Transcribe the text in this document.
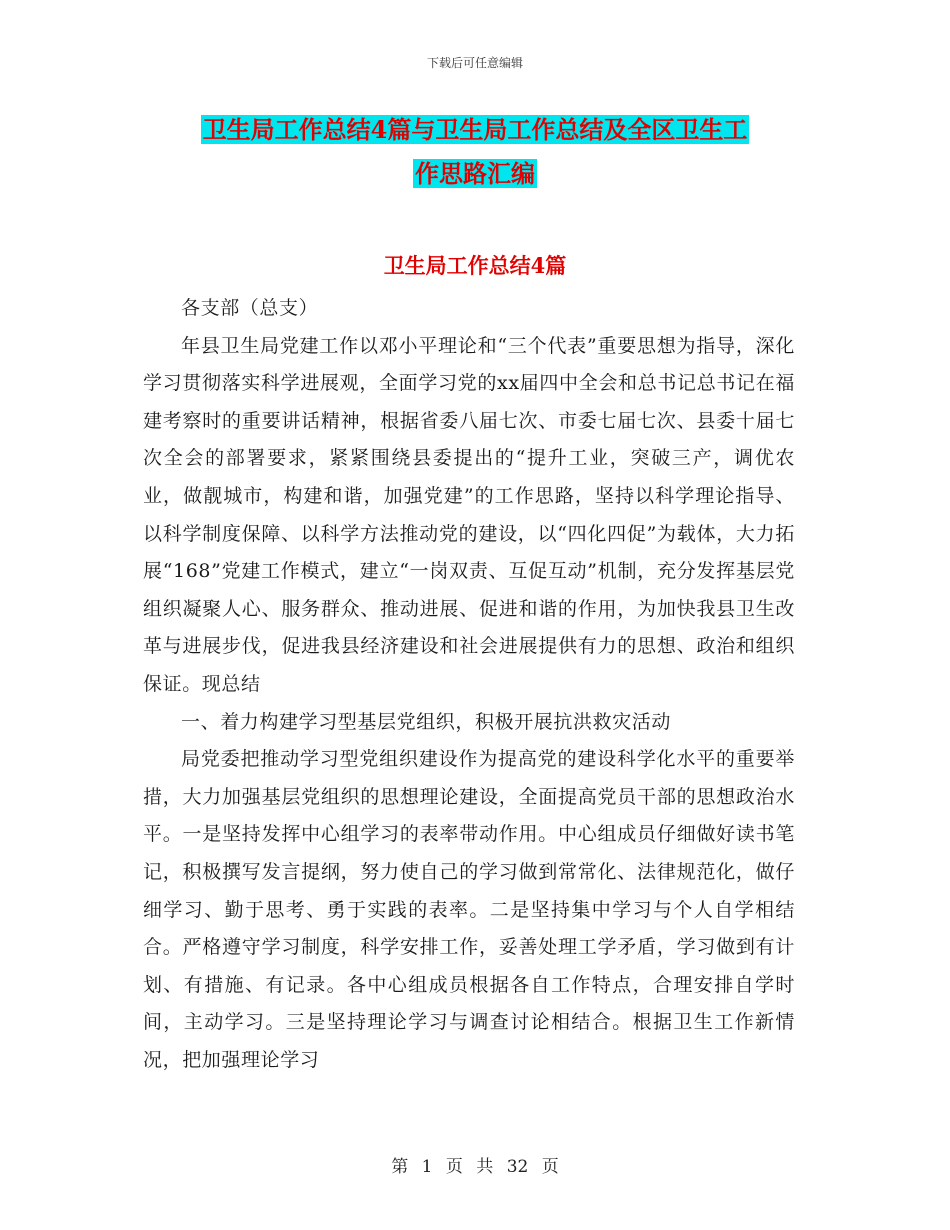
下载后可任意编辑
卫生局工作总结4篇与卫生局工作总结及全区卫生工
作思路汇编
卫生局工作总结4篇

各支部（总支）

年县卫生局党建工作以邓小平理论和“三个代表”重要思想为指导，深化学习贯彻落实科学进展观，全面学习党的xx届四中全会和总书记总书记在福建考察时的重要讲话精神，根据省委八届七次、市委七届七次、县委十届七次全会的部署要求，紧紧围绕县委提出的“提升工业，突破三产，调优农业，做靓城市，构建和谐，加强党建”的工作思路，坚持以科学理论指导、以科学制度保障、以科学方法推动党的建设，以“四化四促”为载体，大力拓展“168”党建工作模式，建立“一岗双责、互促互动”机制，充分发挥基层党组织凝聚人心、服务群众、推动进展、促进和谐的作用，为加快我县卫生改革与进展步伐，促进我县经济建设和社会进展提供有力的思想、政治和组织保证。现总结

一、着力构建学习型基层党组织，积极开展抗洪救灾活动

局党委把推动学习型党组织建设作为提高党的建设科学化水平的重要举措，大力加强基层党组织的思想理论建设，全面提高党员干部的思想政治水平。一是坚持发挥中心组学习的表率带动作用。中心组成员仔细做好读书笔记，积极撰写发言提纲，努力使自己的学习做到常常化、法律规范化，做仔细学习、勤于思考、勇于实践的表率。二是坚持集中学习与个人自学相结合。严格遵守学习制度，科学安排工作，妥善处理工学矛盾，学习做到有计划、有措施、有记录。各中心组成员根据各自工作特点，合理安排自学时间，主动学习。三是坚持理论学习与调查讨论相结合。根据卫生工作新情况，把加强理论学习

第 1 页 共 32 页
